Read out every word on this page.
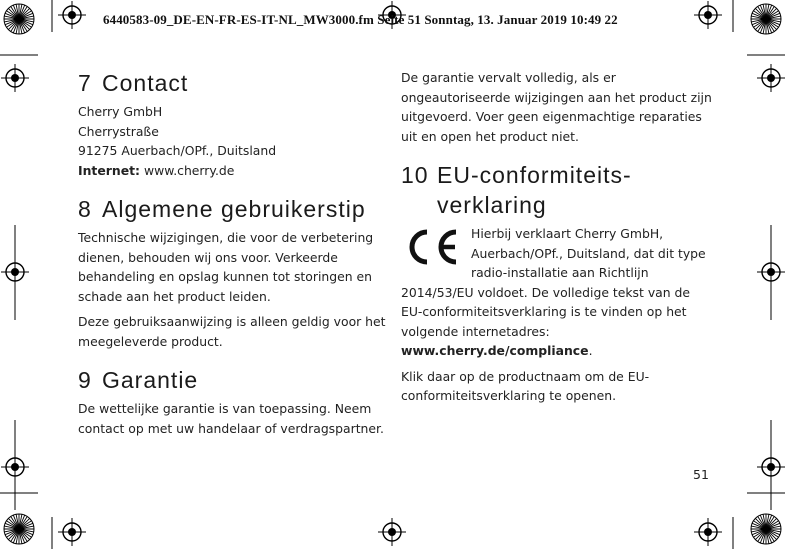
6440583-09_DE-EN-FR-ES-IT-NL_MW3000.fm Seite 51 Sonntag, 13. Januar 2019 10:49 22
7 Contact
Cherry GmbH
Cherrystraße
91275 Auerbach/OPf., Duitsland
Internet: www.cherry.de
8 Algemene gebruikerstip

Technische wijzigingen, die voor de verbetering dienen, behouden wij ons voor. Verkeerde behandeling en opslag kunnen tot storingen en schade aan het product leiden.

Deze gebruiksaanwijzing is alleen geldig voor het meegeleverde product.

9 Garantie

De wettelijke garantie is van toepassing. Neem contact op met uw handelaar of verdragspartner.

De garantie vervalt volledig, als er ongeautoriseerde wijzigingen aan het product zijn uitgevoerd. Voer geen eigenmachtige reparaties uit en open het product niet.

10 EU-conformiteits-
verklaring

Hierbij verklaart Cherry GmbH, Auerbach/OPf., Duitsland, dat dit type radio-installatie aan Richtlijn 2014/53/EU voldoet. De volledige tekst van de EU-conformiteitsverklaring is te vinden op het volgende internetadres: www.cherry.de/compliance.

Klik daar op de productnaam om de EU-conformiteitsverklaring te openen.

51
